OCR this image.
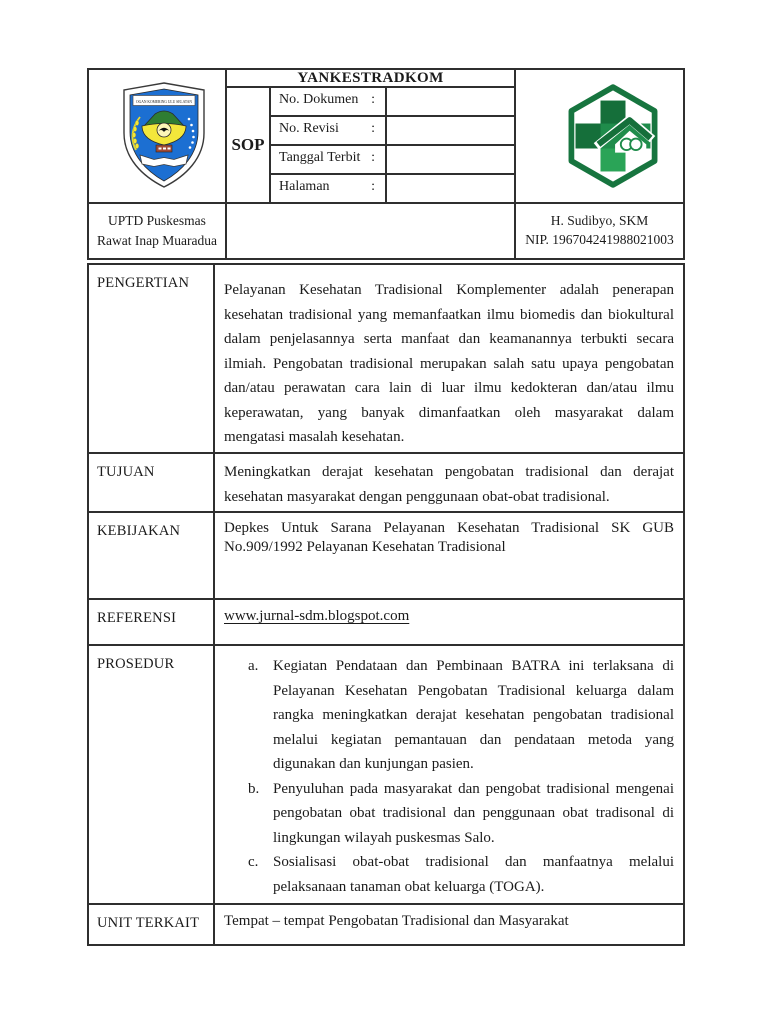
OGAN KOMERING ULU SELATAN
YANKESTRADKOM
SOP
No. Dokumen :
No. Revisi :
Tanggal Terbit :
Halaman	:
UPTD Puskesmas
Rawat Inap Muaradua
H. Sudibyo, SKM
NIP. 196704241988021003
PENGERTIAN	Pelayanan Kesehatan Tradisional Komplementer adalah penerapan kesehatan tradisional yang memanfaatkan ilmu biomedis dan biokultural dalam penjelasannya serta manfaat dan keamanannya terbukti secara ilmiah. Pengobatan tradisional merupakan salah satu upaya pengobatan dan/atau perawatan cara lain di luar ilmu kedokteran dan/atau ilmu keperawatan, yang banyak dimanfaatkan oleh masyarakat dalam mengatasi masalah kesehatan.
TUJUAN	Meningkatkan derajat kesehatan pengobatan tradisional dan derajat kesehatan masyarakat dengan penggunaan obat-obat tradisional.
KEBIJAKAN	Depkes Untuk Sarana Pelayanan Kesehatan Tradisional SK GUB No.909/1992 Pelayanan Kesehatan Tradisional
REFERENSI	www.jurnal-sdm.blogspot.com
PROSEDUR	a. Kegiatan Pendataan dan Pembinaan BATRA ini terlaksana di Pelayanan Kesehatan Pengobatan Tradisional keluarga dalam rangka meningkatkan derajat kesehatan pengobatan tradisional melalui kegiatan pemantauan dan pendataan metoda yang digunakan dan kunjungan pasien.
b. Penyuluhan pada masyarakat dan pengobat tradisional mengenai pengobatan obat tradisional dan penggunaan obat tradisonal di lingkungan wilayah puskesmas Salo.
c. Sosialisasi obat-obat tradisional dan manfaatnya melalui pelaksanaan tanaman obat keluarga (TOGA).
UNIT TERKAIT	Tempat – tempat Pengobatan Tradisional dan Masyarakat
